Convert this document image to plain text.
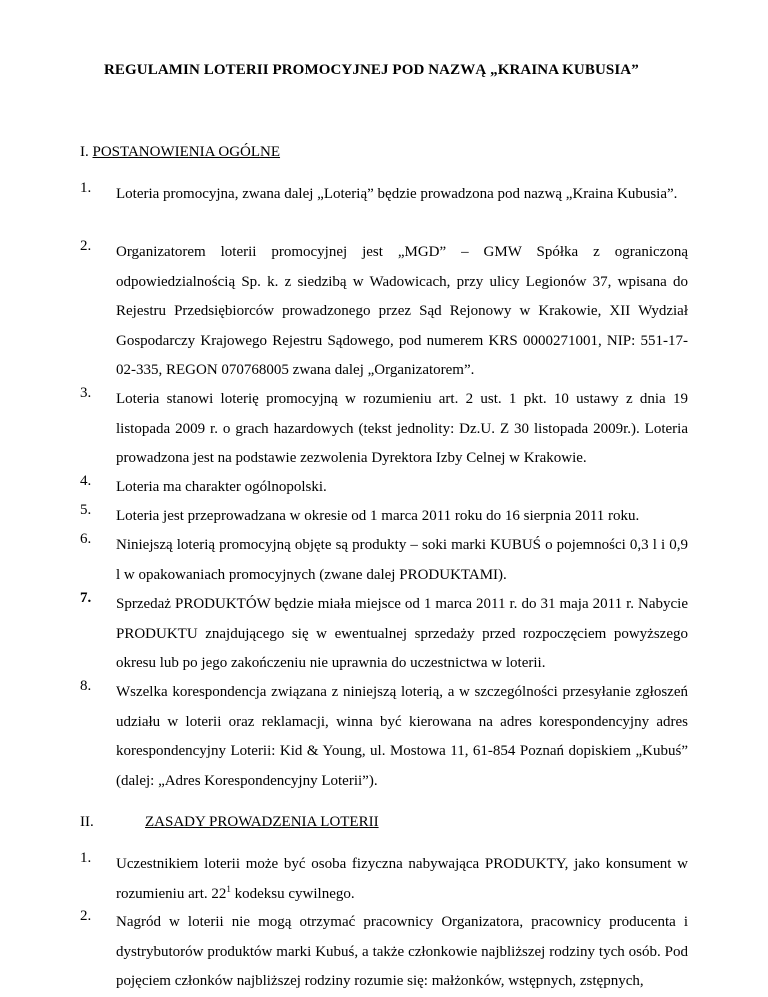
REGULAMIN LOTERII PROMOCYJNEJ POD NAZWĄ „KRAINA KUBUSIA”
I. POSTANOWIENIA OGÓLNE
1. Loteria promocyjna, zwana dalej „Loterią” będzie prowadzona pod nazwą „Kraina Kubusia”.
2. Organizatorem loterii promocyjnej jest „MGD” – GMW Spółka z ograniczoną odpowiedzialnością Sp. k. z siedzibą w Wadowicach, przy ulicy Legionów 37, wpisana do Rejestru Przedsiębiorców prowadzonego przez Sąd Rejonowy w Krakowie, XII Wydział Gospodarczy Krajowego Rejestru Sądowego, pod numerem KRS 0000271001, NIP: 551-17-02-335, REGON 070768005 zwana dalej „Organizatorem”.
3. Loteria stanowi loterię promocyjną w rozumieniu art. 2 ust. 1 pkt. 10 ustawy z dnia 19 listopada 2009 r. o grach hazardowych (tekst jednolity: Dz.U. Z 30 listopada 2009r.). Loteria prowadzona jest na podstawie zezwolenia Dyrektora Izby Celnej w Krakowie.
4. Loteria ma charakter ogólnopolski.
5. Loteria jest przeprowadzana w okresie od 1 marca 2011 roku do 16 sierpnia 2011 roku.
6. Niniejszą loterią promocyjną objęte są produkty – soki marki KUBUŚ o pojemności 0,3 l i 0,9 l w opakowaniach promocyjnych (zwane dalej PRODUKTAMI).
7. Sprzedaż PRODUKTÓW będzie miała miejsce od 1 marca 2011 r. do 31 maja 2011 r. Nabycie PRODUKTU znajdującego się w ewentualnej sprzedaży przed rozpoczęciem powyższego okresu lub po jego zakończeniu nie uprawnia do uczestnictwa w loterii.
8. Wszelka korespondencja związana z niniejszą loterią, a w szczególności przesyłanie zgłoszeń udziału w loterii oraz reklamacji, winna być kierowana na adres korespondencyjny adres korespondencyjny Loterii: Kid & Young, ul. Mostowa 11, 61-854 Poznań dopiskiem „Kubuś” (dalej: „Adres Korespondencyjny Loterii”).
II.	ZASADY PROWADZENIA LOTERII
1. Uczestnikiem loterii może być osoba fizyczna nabywająca PRODUKTY, jako konsument w rozumieniu art. $22^1$ kodeksu cywilnego.
2. Nagród w loterii nie mogą otrzymać pracownicy Organizatora, pracownicy producenta i dystrybutorów produktów marki Kubuś, a także członkowie najbliższej rodziny tych osób. Pod pojęciem członków najbliższej rodziny rozumie się: małżonków, wstępnych, zstępnych,
